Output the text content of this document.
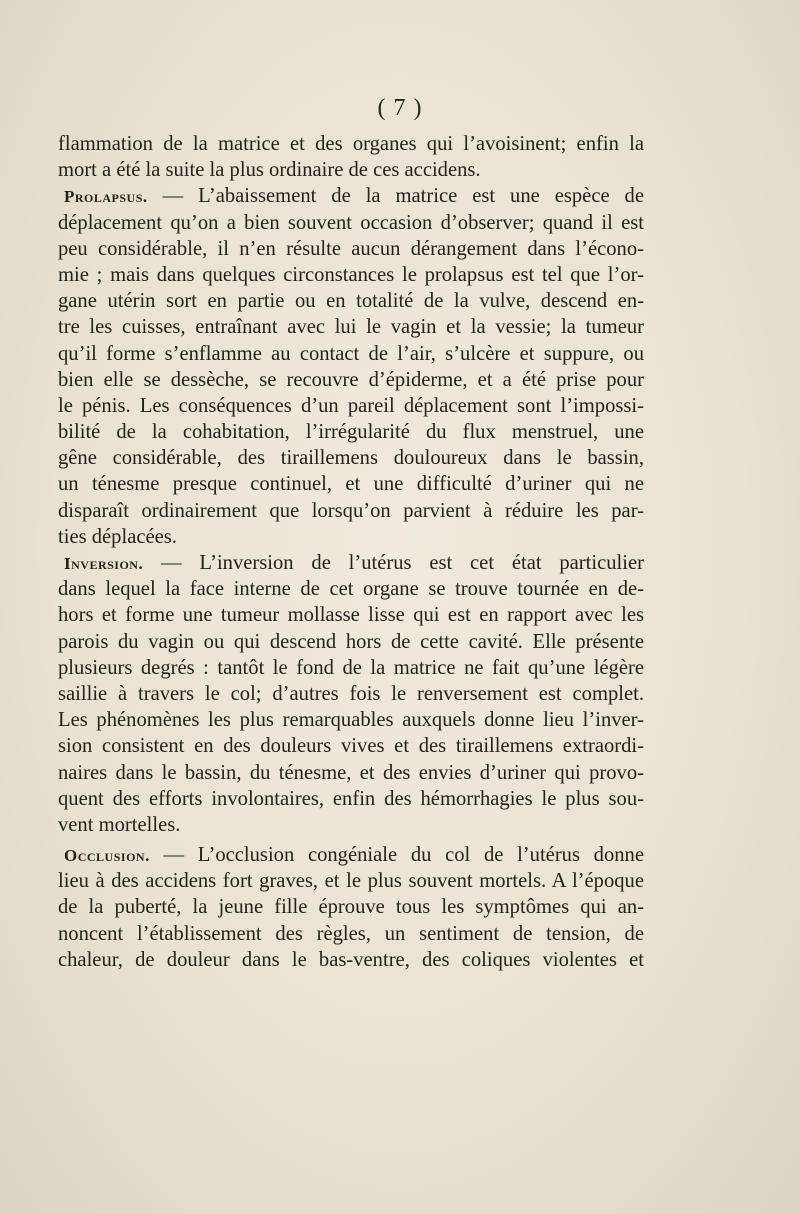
( 7 )
flammation de la matrice et des organes qui l’avoisinent; enfin la
mort a été la suite la plus ordinaire de ces accidens.
Prolapsus. — L’abaissement de la matrice est une espèce de
déplacement qu’on a bien souvent occasion d’observer; quand il est
peu considérable, il n’en résulte aucun dérangement dans l’écono-
mie ; mais dans quelques circonstances le prolapsus est tel que l’or-
gane utérin sort en partie ou en totalité de la vulve, descend en-
tre les cuisses, entraînant avec lui le vagin et la vessie; la tumeur
qu’il forme s’enflamme au contact de l’air, s’ulcère et suppure, ou
bien elle se dessèche, se recouvre d’épiderme, et a été prise pour
le pénis. Les conséquences d’un pareil déplacement sont l’impossi-
bilité de la cohabitation, l’irrégularité du flux menstruel, une
gêne considérable, des tiraillemens douloureux dans le bassin,
un ténesme presque continuel, et une difficulté d’uriner qui ne
disparaît ordinairement que lorsqu’on parvient à réduire les par-
ties déplacées.
Inversion. — L’inversion de l’utérus est cet état particulier
dans lequel la face interne de cet organe se trouve tournée en de-
hors et forme une tumeur mollasse lisse qui est en rapport avec les
parois du vagin ou qui descend hors de cette cavité. Elle présente
plusieurs degrés : tantôt le fond de la matrice ne fait qu’une légère
saillie à travers le col; d’autres fois le renversement est complet.
Les phénomènes les plus remarquables auxquels donne lieu l’inver-
sion consistent en des douleurs vives et des tiraillemens extraordi-
naires dans le bassin, du ténesme, et des envies d’uriner qui provo-
quent des efforts involontaires, enfin des hémorrhagies le plus sou-
vent mortelles.
Occlusion. — L’occlusion congéniale du col de l’utérus donne
lieu à des accidens fort graves, et le plus souvent mortels. A l’époque
de la puberté, la jeune fille éprouve tous les symptômes qui an-
noncent l’établissement des règles, un sentiment de tension, de
chaleur, de douleur dans le bas-ventre, des coliques violentes et
